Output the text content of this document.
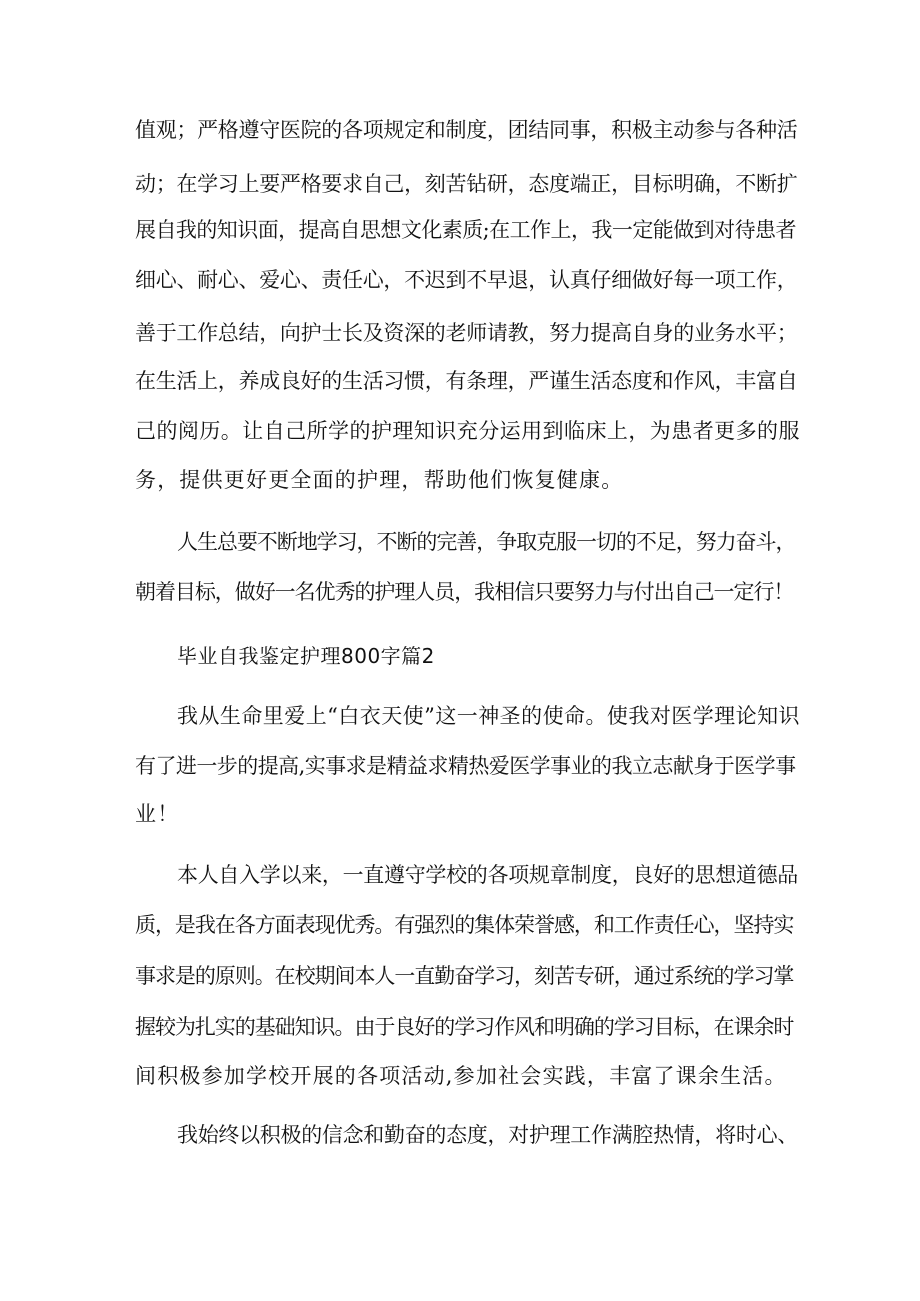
值观；严格遵守医院的各项规定和制度，团结同事，积极主动参与各种活
动；在学习上要严格要求自己，刻苦钻研，态度端正，目标明确，不断扩
展自我的知识面，提高自思想文化素质;在工作上，我一定能做到对待患者
细心、耐心、爱心、责任心，不迟到不早退，认真仔细做好每一项工作，
善于工作总结，向护士长及资深的老师请教，努力提高自身的业务水平；
在生活上，养成良好的生活习惯，有条理，严谨生活态度和作风，丰富自
己的阅历。让自己所学的护理知识充分运用到临床上，为患者更多的服
务，提供更好更全面的护理，帮助他们恢复健康。
人生总要不断地学习，不断的完善，争取克服一切的不足，努力奋斗，
朝着目标，做好一名优秀的护理人员，我相信只要努力与付出自己一定行！
毕业自我鉴定护理800字篇2
我从生命里爱上“白衣天使”这一神圣的使命。使我对医学理论知识
有了进一步的提高,实事求是精益求精热爱医学事业的我立志献身于医学事
业！
本人自入学以来，一直遵守学校的各项规章制度，良好的思想道德品
质，是我在各方面表现优秀。有强烈的集体荣誉感，和工作责任心，坚持实
事求是的原则。在校期间本人一直勤奋学习，刻苦专研，通过系统的学习掌
握较为扎实的基础知识。由于良好的学习作风和明确的学习目标，在课余时
间积极参加学校开展的各项活动,参加社会实践，丰富了课余生活。
我始终以积极的信念和勤奋的态度，对护理工作满腔热情，将时心、
